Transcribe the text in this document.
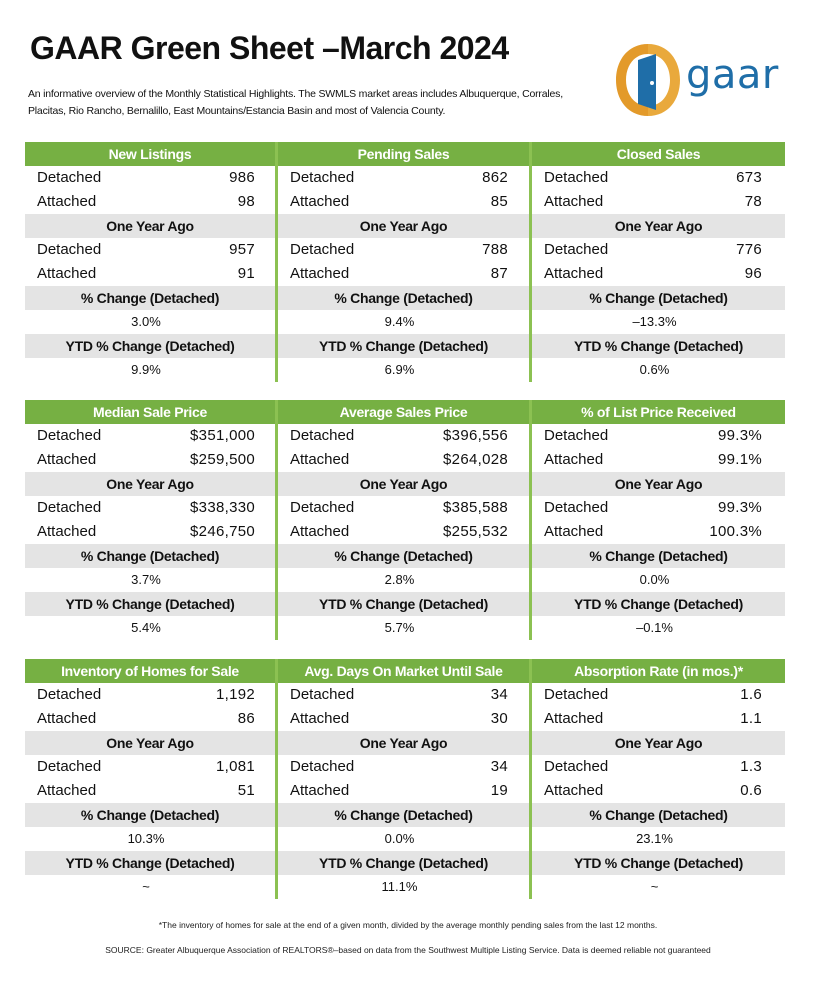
GAAR Green Sheet –March 2024

An informative overview of the Monthly Statistical Highlights. The SWMLS market areas includes Albuquerque, Corrales, Placitas, Rio Rancho, Bernalillo, East Mountains/Estancia Basin and most of Valencia County.

gaar
New Listings
Detached	986
Attached	98
One Year Ago
Detached	957
Attached	91
% Change (Detached)
3.0%
YTD % Change (Detached)
9.9%
Pending Sales
Detached	862
Attached	85
One Year Ago
Detached	788
Attached	87
% Change (Detached)
9.4%
YTD % Change (Detached)
6.9%
Closed Sales
Detached	673
Attached	78
One Year Ago
Detached	776
Attached	96
% Change (Detached)
–13.3%
YTD % Change (Detached)
0.6%
Median Sale Price
Detached	$351,000
Attached	$259,500
One Year Ago
Detached	$338,330
Attached	$246,750
% Change (Detached)
3.7%
YTD % Change (Detached)
5.4%
Average Sales Price
Detached	$396,556
Attached	$264,028
One Year Ago
Detached	$385,588
Attached	$255,532
% Change (Detached)
2.8%
YTD % Change (Detached)
5.7%
% of List Price Received
Detached	99.3%
Attached	99.1%
One Year Ago
Detached	99.3%
Attached	100.3%
% Change (Detached)
0.0%
YTD % Change (Detached)
–0.1%
Inventory of Homes for Sale
Detached	1,192
Attached	86
One Year Ago
Detached	1,081
Attached	51
% Change (Detached)
10.3%
YTD % Change (Detached)
~
Avg. Days On Market Until Sale
Detached	34
Attached	30
One Year Ago
Detached	34
Attached	19
% Change (Detached)
0.0%
YTD % Change (Detached)
11.1%
Absorption Rate (in mos.)*
Detached	1.6
Attached	1.1
One Year Ago
Detached	1.3
Attached	0.6
% Change (Detached)
23.1%
YTD % Change (Detached)
~
*The inventory of homes for sale at the end of a given month, divided by the average monthly pending sales from the last 12 months.
SOURCE: Greater Albuquerque Association of REALTORS®–based on data from the Southwest Multiple Listing Service. Data is deemed reliable not guaranteed
